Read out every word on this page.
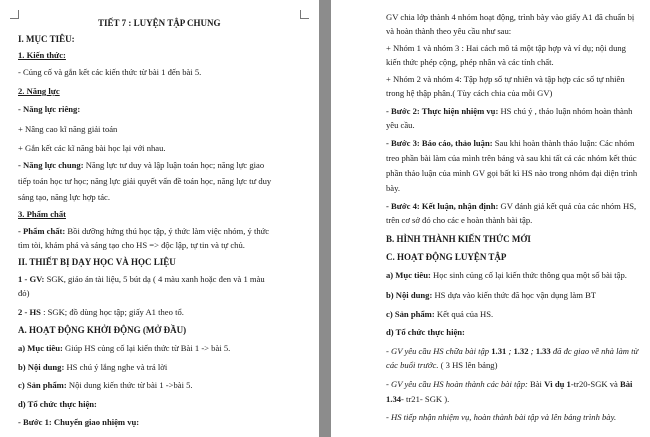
TIẾT 7 : LUYỆN TẬP CHUNG
I. MỤC TIÊU:
1. Kiến thức:
- Củng cố và gắn kết các kiến thức từ bài 1 đến bài 5.
2. Năng lực
- Năng lực riêng:
+ Nâng cao kĩ năng giải toán
+ Gắn kết các kĩ năng bài học lại với nhau.
- Năng lực chung: Năng lực tư duy và lập luận toán học; năng lực giao
tiếp toán học tư học; năng lực giải quyết vấn đề toán học, năng lực tư duy
sáng tạo, năng lực hợp tác.
3. Phẩm chất
- Phẩm chất: Bồi dưỡng hứng thú học tập, ý thức làm việc nhóm, ý thức
tìm tòi, khám phá và sáng tạo cho HS => độc lập, tự tin và tự chủ.
II. THIẾT BỊ DẠY HỌC VÀ HỌC LIỆU
1 - GV: SGK, giáo án tài liệu, 5 bút dạ ( 4 màu xanh hoặc đen và 1 màu
đỏ)
2 - HS : SGK; đồ dùng học tập; giấy A1 theo tổ.
A. HOẠT ĐỘNG KHỞI ĐỘNG (MỞ ĐẦU)
a) Mục tiêu: Giúp HS củng cố lại kiến thức từ Bài 1 -> bài 5.
b) Nội dung: HS chú ý lắng nghe và trả lời
c) Sản phẩm: Nội dung kiến thức từ bài 1 ->bài 5.
d) Tổ chức thực hiện:
- Bước 1: Chuyển giao nhiệm vụ:
GV chia lớp thành 4 nhóm hoạt động, trình bày vào giấy A1 đã chuẩn bị
và hoàn thành theo yêu cầu như sau:
+ Nhóm 1 và nhóm 3 : Hai cách mô tả một tập hợp và ví dụ; nội dung
kiến thức phép cộng, phép nhân và các tính chất.
+ Nhóm 2 và nhóm 4: Tập hợp số tự nhiên và tập hợp các số tự nhiên
trong hệ thập phân.( Tùy cách chia của mỗi GV)
- Bước 2: Thực hiện nhiệm vụ: HS chú ý , thảo luận nhóm hoàn thành
yêu cầu.
- Bước 3: Báo cáo, thảo luận: Sau khi hoàn thành thảo luận: Các nhóm
treo phần bài làm của mình trên bảng và sau khi tất cả các nhóm kết thúc
phần thảo luận của mình GV gọi bất kì HS nào trong nhóm đại diện trình
bày.
- Bước 4: Kết luận, nhận định: GV đánh giá kết quả của các nhóm HS,
trên cơ sở đó cho các e hoàn thành bài tập.
B. HÌNH THÀNH KIẾN THỨC MỚI
C. HOẠT ĐỘNG LUYỆN TẬP
a) Mục tiêu: Học sinh củng cố lại kiến thức thông qua một số bài tập.
b) Nội dung: HS dựa vào kiến thức đã học vận dụng làm BT
c) Sản phẩm: Kết quả của HS.
d) Tổ chức thực hiện:
- GV yêu cầu HS chữa bài tập 1.31 ; 1.32 ; 1.33 đã đc giao về nhà làm từ
các buổi trước. ( 3 HS lên bảng)
- GV yêu cầu HS hoàn thành các bài tập: Bài Vì dụ 1-tr20-SGK và Bài
1.34- tr21- SGK ).
- HS tiếp nhận nhiệm vụ, hoàn thành bài tập và lên bảng trình bày.
